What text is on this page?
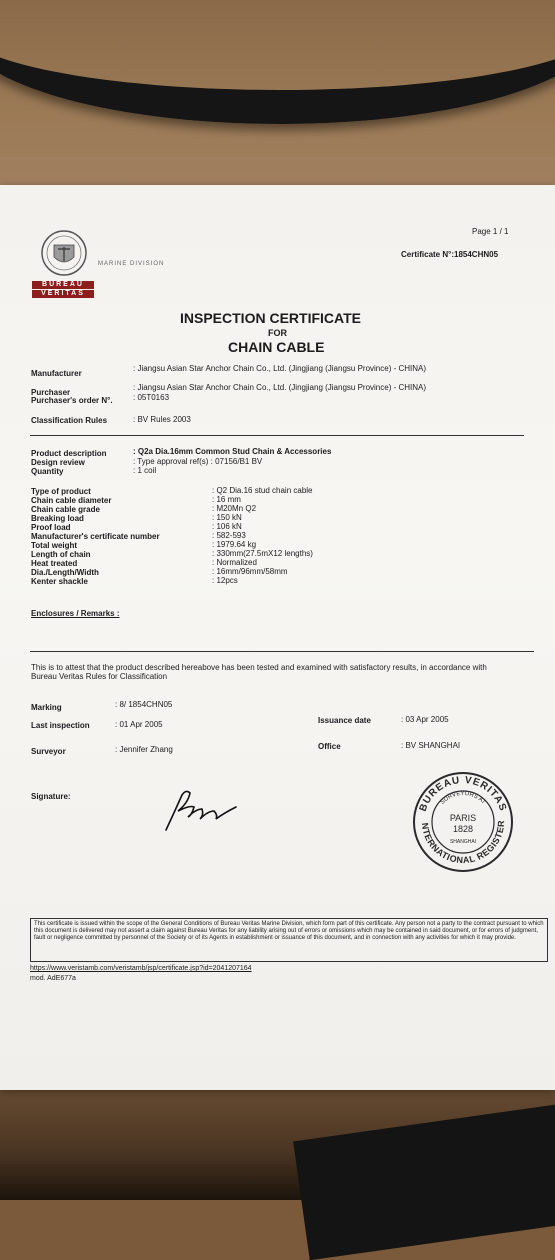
BUREAU
VERITAS
MARINE DIVISION
Page 1 / 1
Certificate N°:1854CHN05
INSPECTION CERTIFICATE
FOR
CHAIN CABLE
Manufacturer
: Jiangsu Asian Star Anchor Chain Co., Ltd. (Jingjiang (Jiangsu Province) - CHINA)
Purchaser
: Jiangsu Asian Star Anchor Chain Co., Ltd. (Jingjiang (Jiangsu Province) - CHINA)
Purchaser's order N°.	: 05T0163
Classification Rules	: BV Rules 2003
Product description	: Q2a Dia.16mm Common Stud Chain & Accessories
Design review	: Type approval ref(s) : 07156/B1 BV
Quantity	: 1 coil
Type of product	: Q2 Dia.16 stud chain cable
Chain cable diameter	: 16 mm
Chain cable grade	: M20Mn Q2
Breaking load	: 150 kN
Proof load	: 106 kN
Manufacturer's certificate number	: 582-593
Total weight	: 1979.64 kg
Length of chain	: 330mm(27.5mX12 lengths)
Heat treated	: Normalized
Dia./Length/Width	: 16mm/96mm/58mm
Kenter shackle	: 12pcs
Enclosures / Remarks :
This is to attest that the product described hereabove has been tested and examined with satisfactory results, in accordance with
Bureau Veritas Rules for Classification
Marking	: 8/ 1854CHN05
Last inspection	: 01 Apr 2005	Issuance date	: 03 Apr 2005
Office	: BV SHANGHAI
Surveyor	: Jennifer Zhang
Signature:
BUREAU VERITAS
SURVEYORS AT
PARIS
1828
SHANGHAI
NTERNATIONAL REGISTER
This certificate is issued within the scope of the General Conditions of Bureau Veritas Marine Division, which form part of this certificate. Any person not a party to the contract pursuant to which this document is delivered may not assert a claim against Bureau Veritas for any liability arising out of errors or omissions which may be contained in said document, or for errors of judgment, fault or negligence committed by personnel of the Society or of its Agents in establishment or issuance of this document, and in connection with any activities for which it may provide.
https://www.veristamb.com/veristamb/jsp/certificate.jsp?id=2041207164
mod. AdE677a
